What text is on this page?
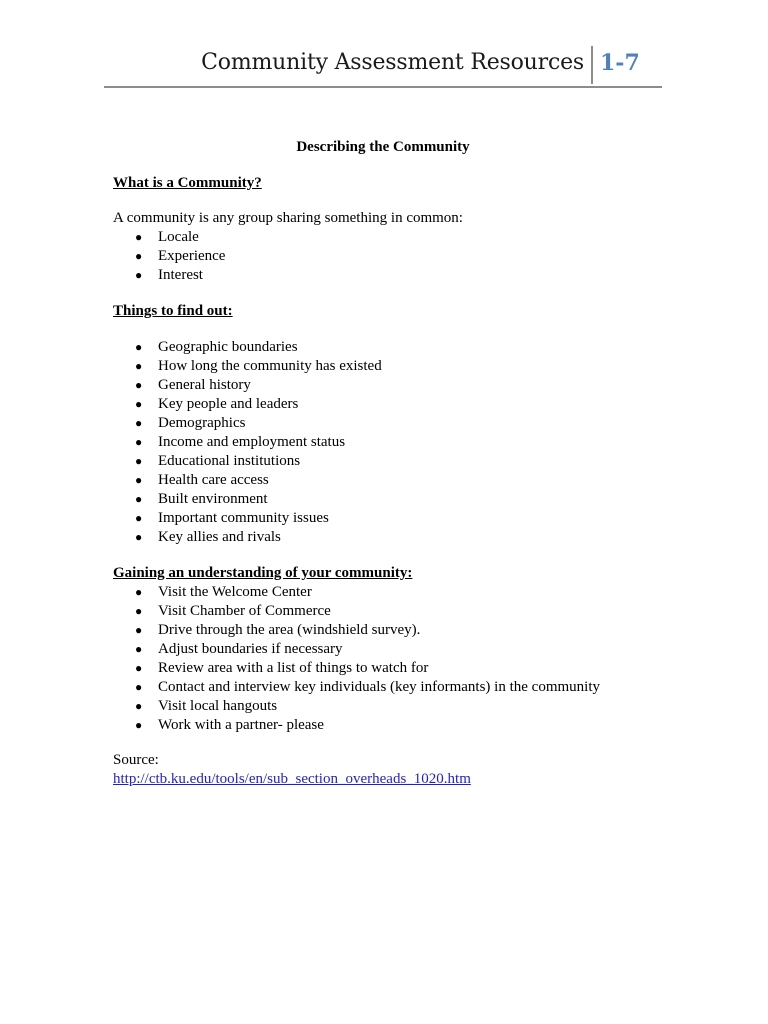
Community Assessment Resources 1-7

Describing the Community

What is a Community?

A community is any group sharing something in common:

● Locale
● Experience
● Interest

Things to find out:

● Geographic boundaries
● How long the community has existed
● General history
● Key people and leaders
● Demographics
● Income and employment status
● Educational institutions
● Health care access
● Built environment
● Important community issues
● Key allies and rivals

Gaining an understanding of your community:

● Visit the Welcome Center
● Visit Chamber of Commerce
● Drive through the area (windshield survey).
● Adjust boundaries if necessary
● Review area with a list of things to watch for
● Contact and interview key individuals (key informants) in the community
● Visit local hangouts
● Work with a partner- please

Source:

http://ctb.ku.edu/tools/en/sub_section_overheads_1020.htm
